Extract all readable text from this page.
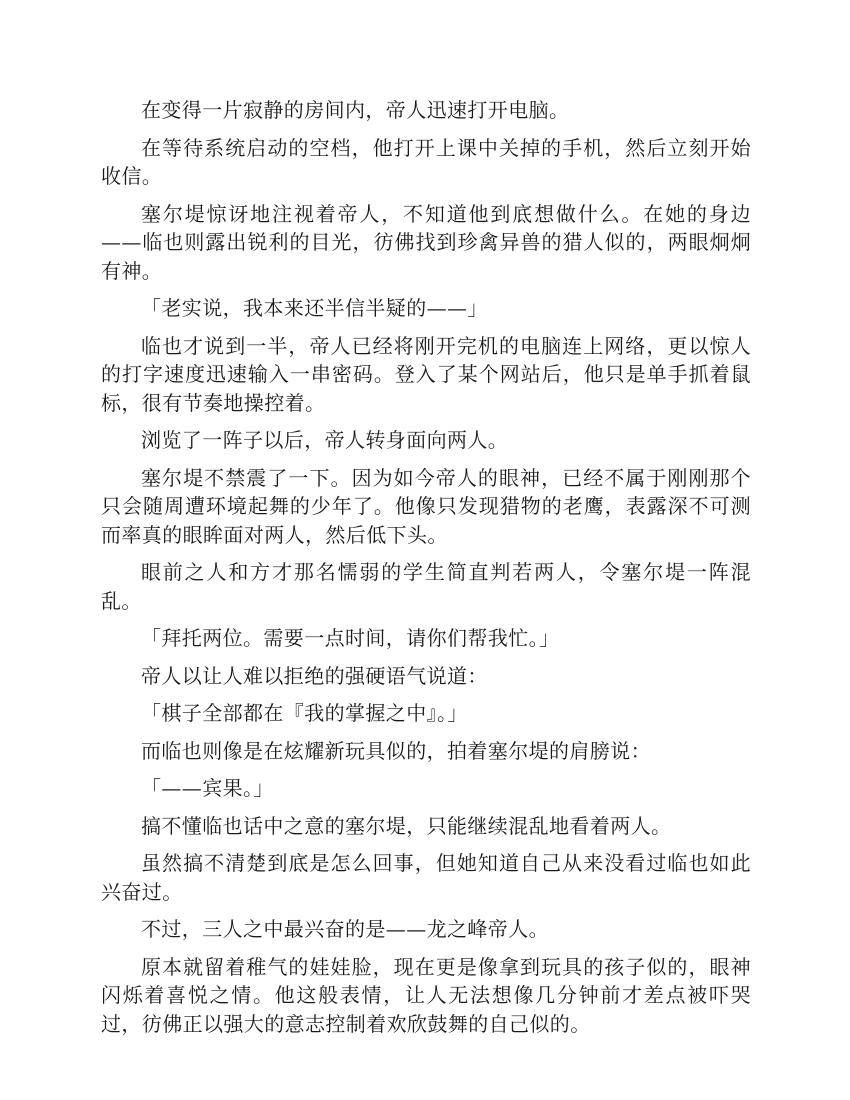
在变得一片寂静的房间内，帝人迅速打开电脑。

在等待系统启动的空档，他打开上课中关掉的手机，然后立刻开始收信。

塞尔堤惊讶地注视着帝人，不知道他到底想做什么。在她的身边——临也则露出锐利的目光，彷佛找到珍禽异兽的猎人似的，两眼炯炯有神。

「老实说，我本来还半信半疑的——」

临也才说到一半，帝人已经将刚开完机的电脑连上网络，更以惊人的打字速度迅速输入一串密码。登入了某个网站后，他只是单手抓着鼠标，很有节奏地操控着。

浏览了一阵子以后，帝人转身面向两人。

塞尔堤不禁震了一下。因为如今帝人的眼神，已经不属于刚刚那个只会随周遭环境起舞的少年了。他像只发现猎物的老鹰，表露深不可测而率真的眼眸面对两人，然后低下头。

眼前之人和方才那名懦弱的学生简直判若两人，令塞尔堤一阵混乱。

「拜托两位。需要一点时间，请你们帮我忙。」

帝人以让人难以拒绝的强硬语气说道：

「棋子全部都在『我的掌握之中』。」

而临也则像是在炫耀新玩具似的，拍着塞尔堤的肩膀说：

「——宾果。」

搞不懂临也话中之意的塞尔堤，只能继续混乱地看着两人。

虽然搞不清楚到底是怎么回事，但她知道自己从来没看过临也如此兴奋过。

不过，三人之中最兴奋的是——龙之峰帝人。

原本就留着稚气的娃娃脸，现在更是像拿到玩具的孩子似的，眼神闪烁着喜悦之情。他这般表情，让人无法想像几分钟前才差点被吓哭过，彷佛正以强大的意志控制着欢欣鼓舞的自己似的。
